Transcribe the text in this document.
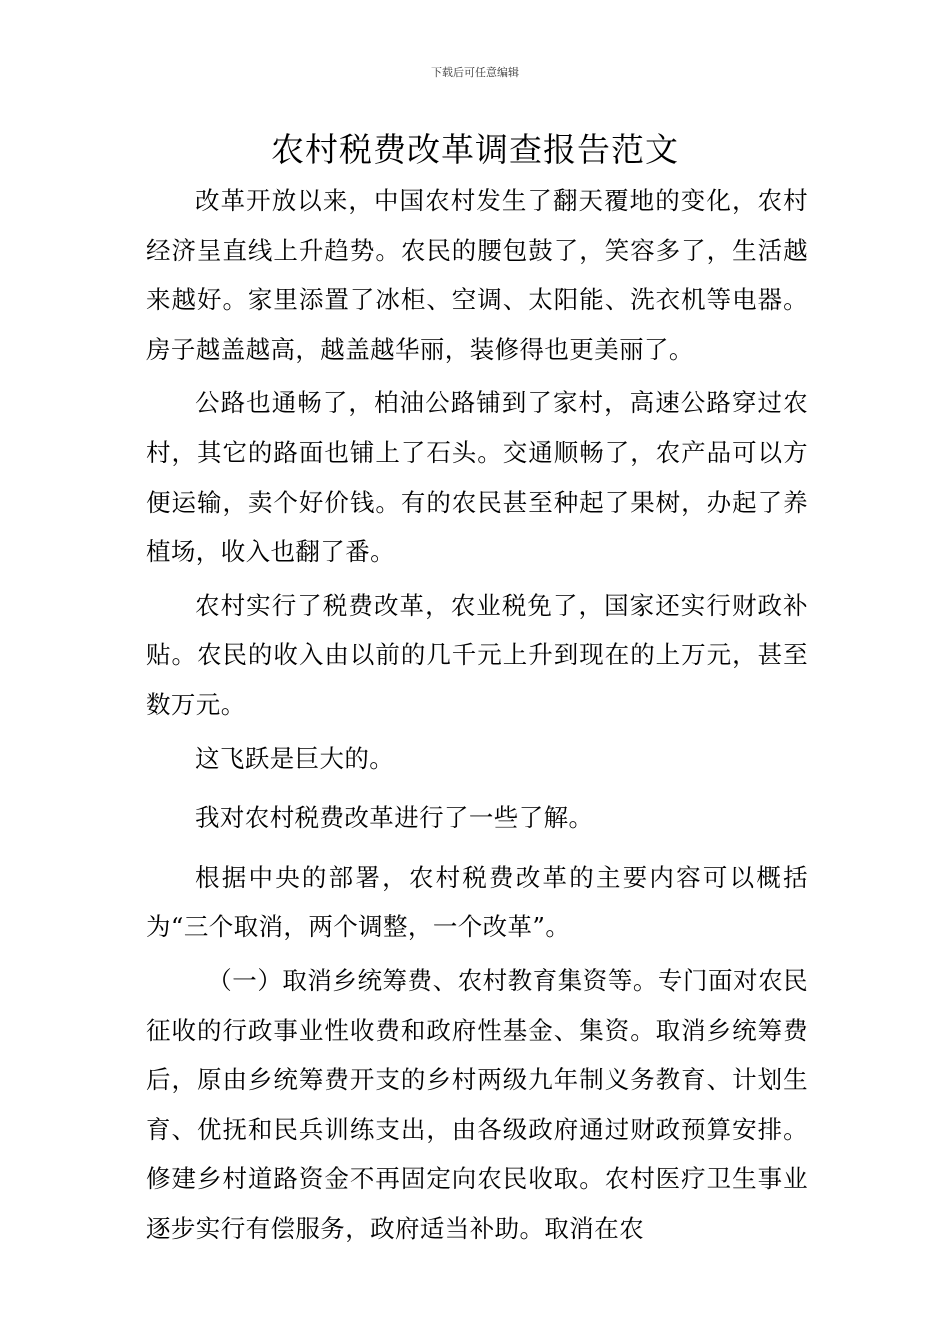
下载后可任意编辑
农村税费改革调查报告范文

改革开放以来，中国农村发生了翻天覆地的变化，农村经济呈直线上升趋势。农民的腰包鼓了，笑容多了，生活越来越好。家里添置了冰柜、空调、太阳能、洗衣机等电器。房子越盖越高，越盖越华丽，装修得也更美丽了。

公路也通畅了，柏油公路铺到了家村，高速公路穿过农村，其它的路面也铺上了石头。交通顺畅了，农产品可以方便运输，卖个好价钱。有的农民甚至种起了果树，办起了养植场，收入也翻了番。

农村实行了税费改革，农业税免了，国家还实行财政补贴。农民的收入由以前的几千元上升到现在的上万元，甚至数万元。

这飞跃是巨大的。

我对农村税费改革进行了一些了解。

根据中央的部署，农村税费改革的主要内容可以概括为“三个取消，两个调整，一个改革”。

（一）取消乡统筹费、农村教育集资等。专门面对农民征收的行政事业性收费和政府性基金、集资。取消乡统筹费后，原由乡统筹费开支的乡村两级九年制义务教育、计划生育、优抚和民兵训练支出，由各级政府通过财政预算安排。修建乡村道路资金不再固定向农民收取。农村医疗卫生事业逐步实行有偿服务，政府适当补助。取消在农
